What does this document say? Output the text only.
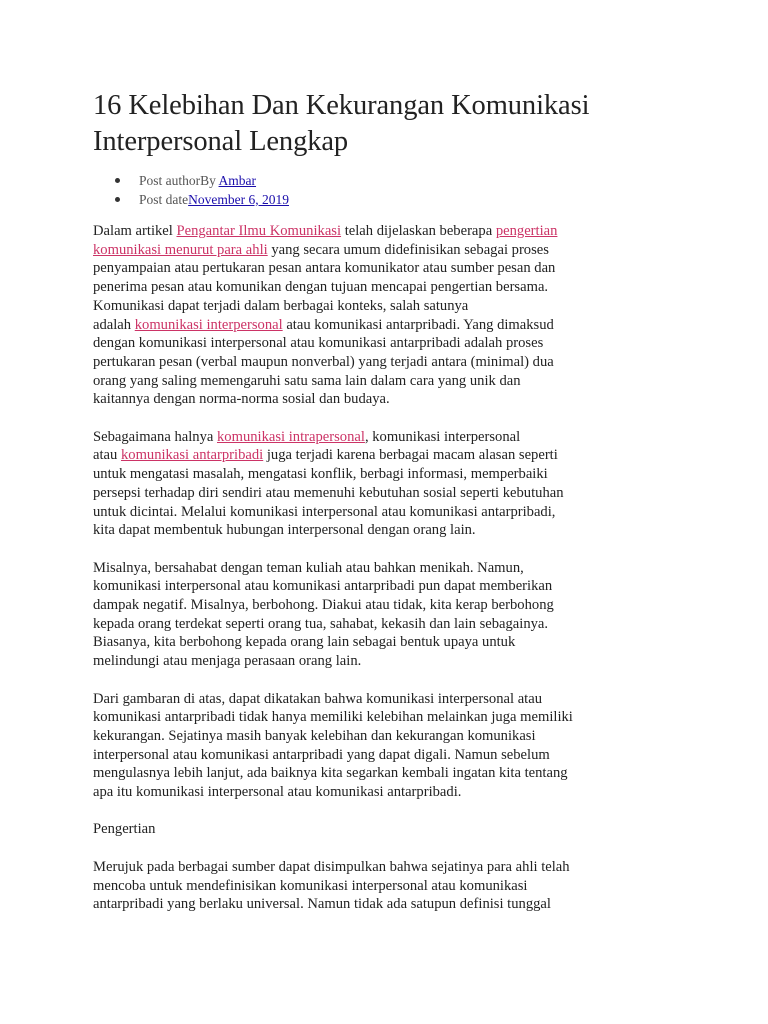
16 Kelebihan Dan Kekurangan Komunikasi
Interpersonal Lengkap
Post authorBy Ambar
Post dateNovember 6, 2019

Dalam artikel Pengantar Ilmu Komunikasi telah dijelaskan beberapa pengertian
komunikasi menurut para ahli yang secara umum didefinisikan sebagai proses
penyampaian atau pertukaran pesan antara komunikator atau sumber pesan dan
penerima pesan atau komunikan dengan tujuan mencapai pengertian bersama.
Komunikasi dapat terjadi dalam berbagai konteks, salah satunya
adalah komunikasi interpersonal atau komunikasi antarpribadi. Yang dimaksud
dengan komunikasi interpersonal atau komunikasi antarpribadi adalah proses
pertukaran pesan (verbal maupun nonverbal) yang terjadi antara (minimal) dua
orang yang saling memengaruhi satu sama lain dalam cara yang unik dan
kaitannya dengan norma-norma sosial dan budaya.

Sebagaimana halnya komunikasi intrapersonal, komunikasi interpersonal
atau komunikasi antarpribadi juga terjadi karena berbagai macam alasan seperti
untuk mengatasi masalah, mengatasi konflik, berbagi informasi, memperbaiki
persepsi terhadap diri sendiri atau memenuhi kebutuhan sosial seperti kebutuhan
untuk dicintai. Melalui komunikasi interpersonal atau komunikasi antarpribadi,
kita dapat membentuk hubungan interpersonal dengan orang lain.

Misalnya, bersahabat dengan teman kuliah atau bahkan menikah. Namun,
komunikasi interpersonal atau komunikasi antarpribadi pun dapat memberikan
dampak negatif. Misalnya, berbohong. Diakui atau tidak, kita kerap berbohong
kepada orang terdekat seperti orang tua, sahabat, kekasih dan lain sebagainya.
Biasanya, kita berbohong kepada orang lain sebagai bentuk upaya untuk
melindungi atau menjaga perasaan orang lain.

Dari gambaran di atas, dapat dikatakan bahwa komunikasi interpersonal atau
komunikasi antarpribadi tidak hanya memiliki kelebihan melainkan juga memiliki
kekurangan. Sejatinya masih banyak kelebihan dan kekurangan komunikasi
interpersonal atau komunikasi antarpribadi yang dapat digali. Namun sebelum
mengulasnya lebih lanjut, ada baiknya kita segarkan kembali ingatan kita tentang
apa itu komunikasi interpersonal atau komunikasi antarpribadi.

Pengertian

Merujuk pada berbagai sumber dapat disimpulkan bahwa sejatinya para ahli telah
mencoba untuk mendefinisikan komunikasi interpersonal atau komunikasi
antarpribadi yang berlaku universal. Namun tidak ada satupun definisi tunggal
